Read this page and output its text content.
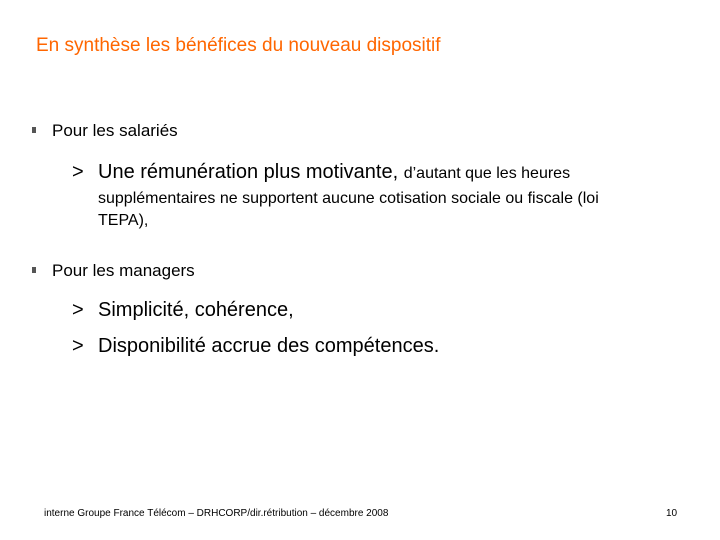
En synthèse les bénéfices du nouveau dispositif
Pour les salariés
> Une rémunération plus motivante, d’autant que les heures
supplémentaires ne supportent aucune cotisation sociale ou fiscale (loi
TEPA),
Pour les managers
> Simplicité, cohérence,
> Disponibilité accrue des compétences.
interne Groupe France Télécom – DRHCORP/dir.rétribution – décembre 2008	10
